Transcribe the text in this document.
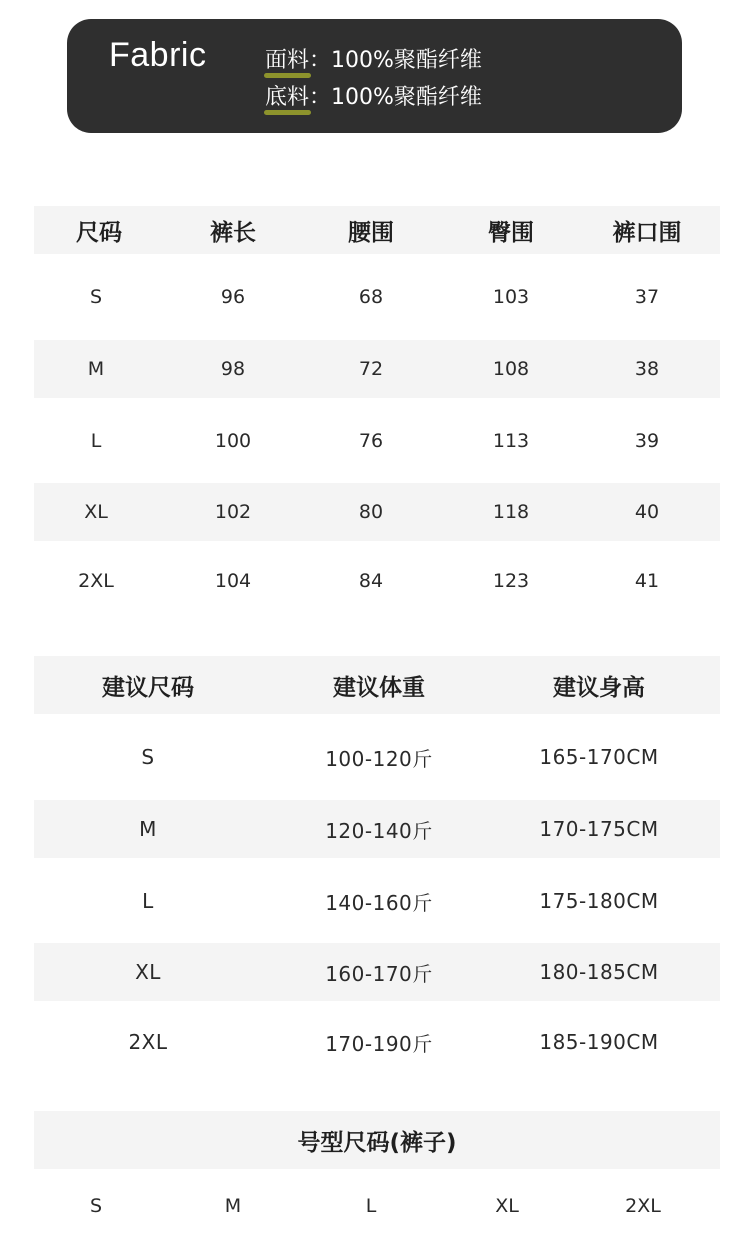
Fabric	面料：100%聚酯纤维
底料：100%聚酯纤维
尺码	裤长	腰围	臀围	裤口围
S	96	68	103	37
M	98	72	108	38
L	100	76	113	39
XL	102	80	118	40
2XL	104	84	123	41
建议尺码	建议体重	建议身高
S	100-120斤	165-170CM
M	120-140斤	170-175CM
L	140-160斤	175-180CM
XL	160-170斤	180-185CM
2XL	170-190斤	185-190CM
号型尺码(裤子)
S	M	L	XL	2XL
